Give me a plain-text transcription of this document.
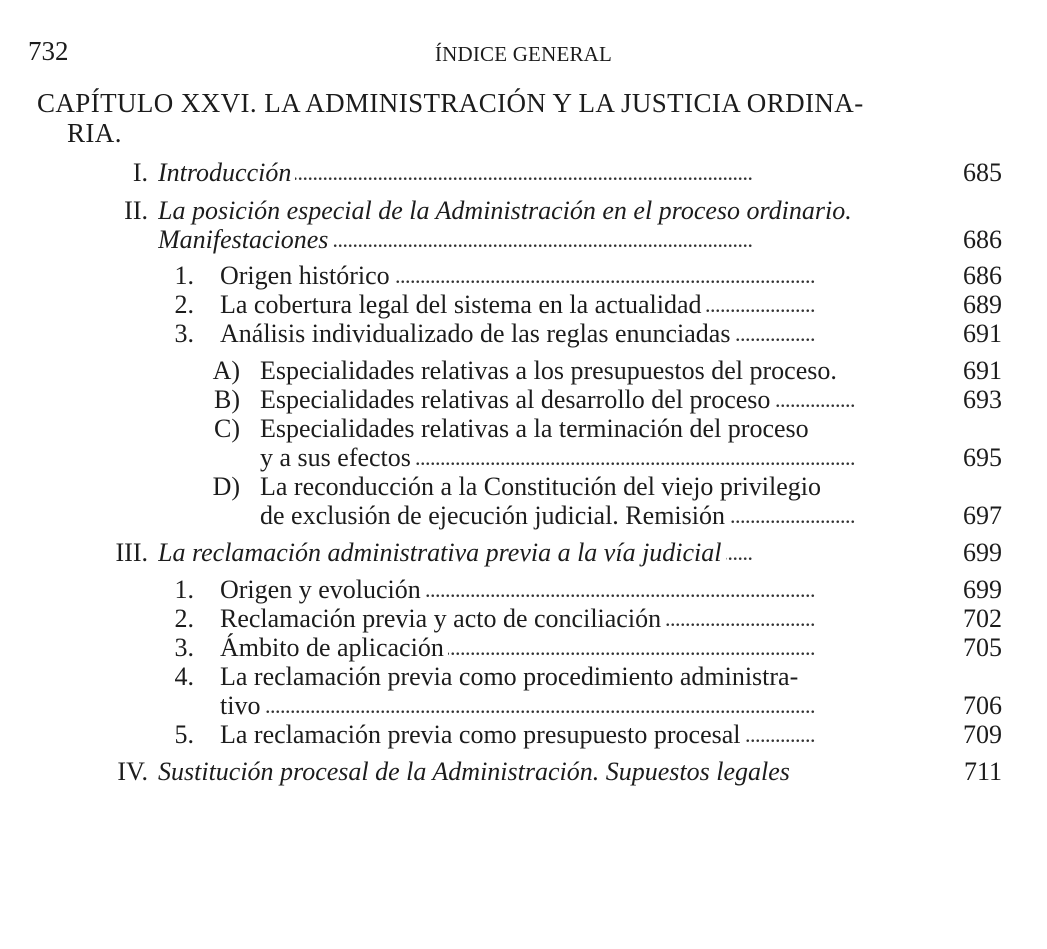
732	ÍNDICE GENERAL
CAPÍTULO XXVI. LA ADMINISTRACIÓN Y LA JUSTICIA ORDINA-
RIA.
I. Introducción . . .	685
II. La posición especial de la Administración en el proceso ordinario.
Manifestaciones . . .	686
1. Origen histórico . . .	686
2. La cobertura legal del sistema en la actualidad . . .	689
3. Análisis individualizado de las reglas enunciadas . . .	691
A) Especialidades relativas a los presupuestos del proceso.	691
B) Especialidades relativas al desarrollo del proceso . . .	693
C) Especialidades relativas a la terminación del proceso
y a sus efectos . . .	695
D) La reconducción a la Constitución del viejo privilegio
de exclusión de ejecución judicial. Remisión . . .	697
III. La reclamación administrativa previa a la vía judicial . . .	699
1. Origen y evolución . . .	699
2. Reclamación previa y acto de conciliación . . .	702
3. Ámbito de aplicación . . .	705
4. La reclamación previa como procedimiento administra-
tivo . . .	706
5. La reclamación previa como presupuesto procesal . . .	709
IV. Sustitución procesal de la Administración. Supuestos legales . . .	711
